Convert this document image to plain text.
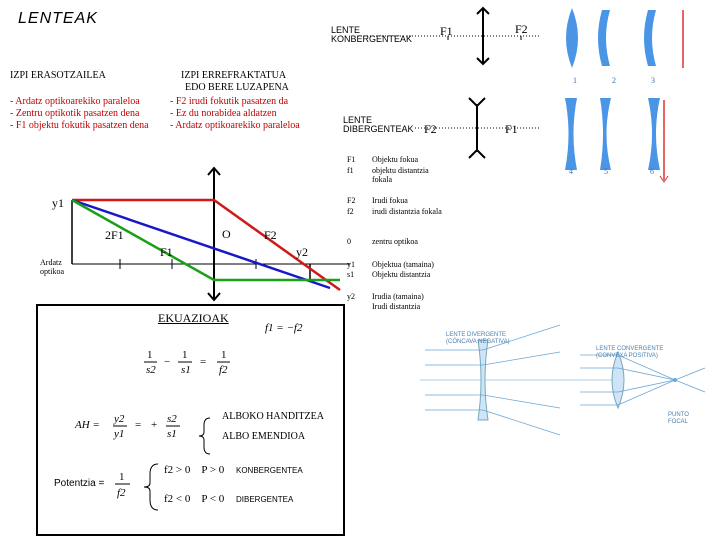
LENTEAK
LENTE
KONBERGENTEAK
LENTE
DIBERGENTEAK
F1	F2
F2	F1
IZPI ERASOTZAILEA	IZPI ERREFRAKTATUA
EDO BERE LUZAPENA
- Ardatz optikoarekiko paraleloa
- Zentru optikotik pasatzen dena
- F1 objektu fokutik pasatzen dena
- F2 irudi fokutik pasatzen da
- Ez du norabidea aldatzen
- Ardatz optikoarekiko paraleloa
F1 Objektu fokua
f1 objektu distantzia fokala
F2 Irudi fokua
f2 irudi distantzia fokala
0	zentru optikoa
y1 Objektua (tamaina)
s1 Objektu distantzia
y2 Irudia (tamaina)
Irudi distantzia
y1
2F1
F1
O	F2
y2
Ardatz
optikoa
EKUAZIOAK
f1 = −f2
1
s2
−
1
s1
=
1
f2
AH = y2
y1
= + s2
s1
ALBOKO HANDITZEA
ALBO EMENDIOA
Potentzia =
1
f2
f2 > 0    P > 0 KONBERGENTEA
f2 < 0    P < 0 DIBERGENTEA
1	2	3
4	5	6
LENTE DIVERGENTE
(CÓNCAVA NEGATIVA)
LENTE CONVERGENTE
(CONVEXA POSITIVA)
PUNTO
FOCAL
